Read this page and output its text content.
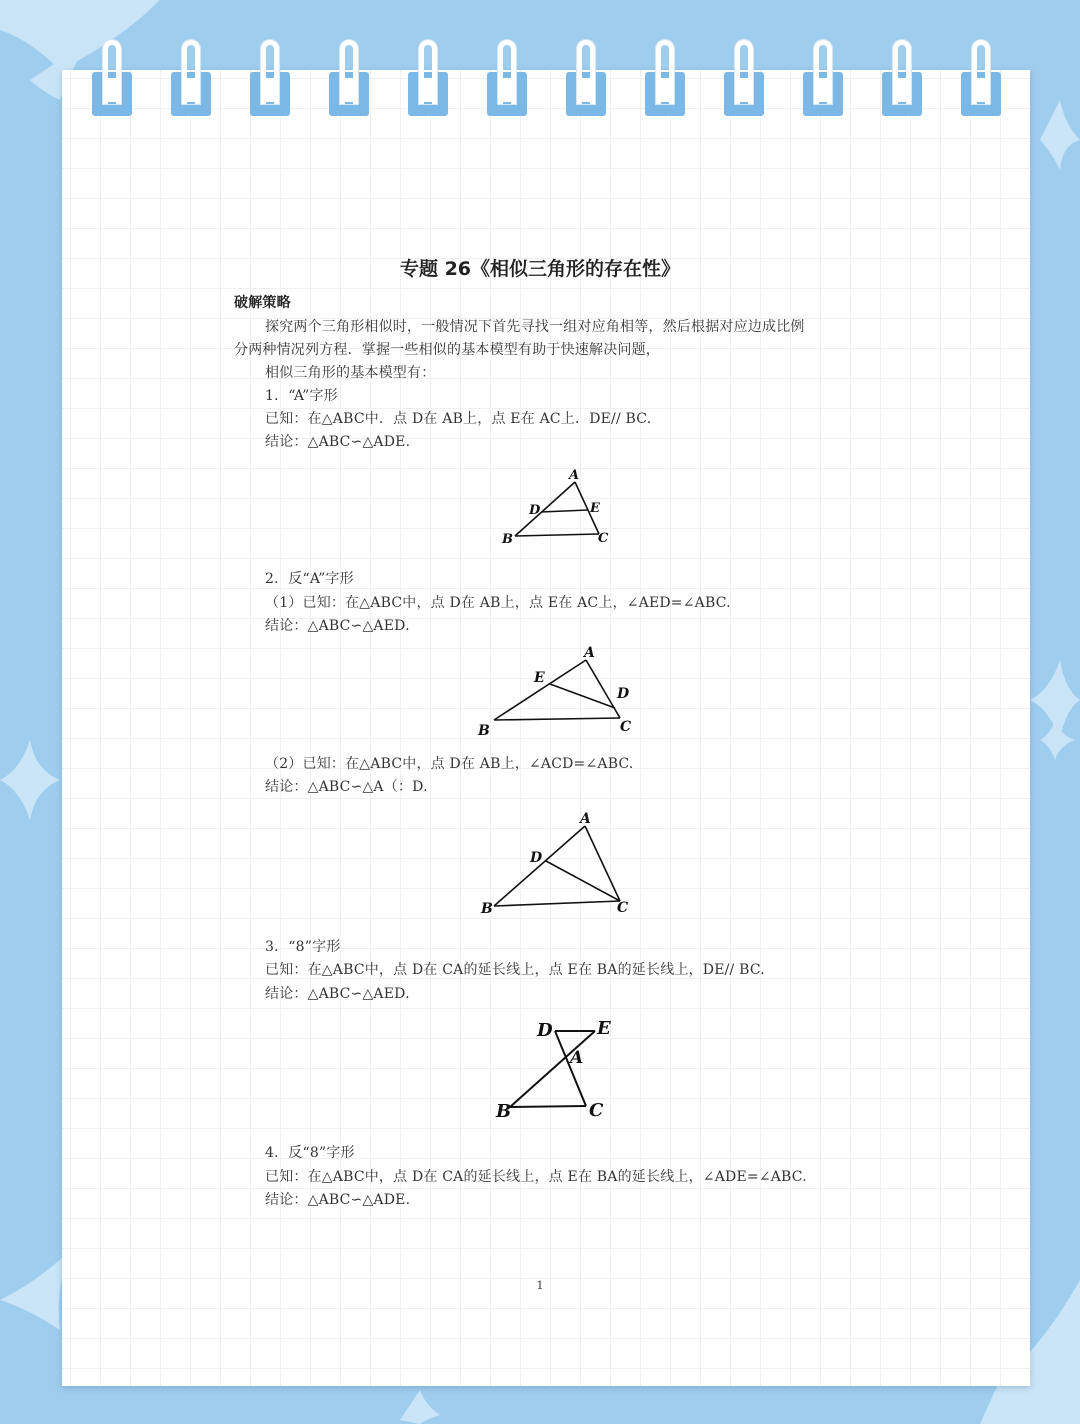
专题 26《相似三角形的存在性》
破解策略
探究两个三角形相似时，一般情况下首先寻找一组对应角相等，然后根据对应边成比例
分两种情况列方程．掌握一些相似的基本模型有助于快速解决问题，
相似三角形的基本模型有：
1．“A”字形
已知：在△ABC中．点 D在 AB上，点 E在 AC上．DE// BC.
结论：△ABC∽△ADE.
A
D	E
B	C
2．反“A”字形
（1）已知：在△ABC中，点 D在 AB上，点 E在 AC上，∠AED=∠ABC.
结论：△ABC∽△AED.
A
E
D
B	C
（2）已知：在△ABC中，点 D在 AB上，∠ACD=∠ABC.
结论：△ABC∽△A（：D.
A
D
B	C
3．“8”字形
已知：在△ABC中，点 D在 CA的延长线上，点 E在 BA的延长线上，DE// BC.
结论：△ABC∽△AED.
D E
A
B	C
4．反“8”字形
已知：在△ABC中，点 D在 CA的延长线上，点 E在 BA的延长线上，∠ADE=∠ABC.
结论：△ABC∽△ADE.
1
